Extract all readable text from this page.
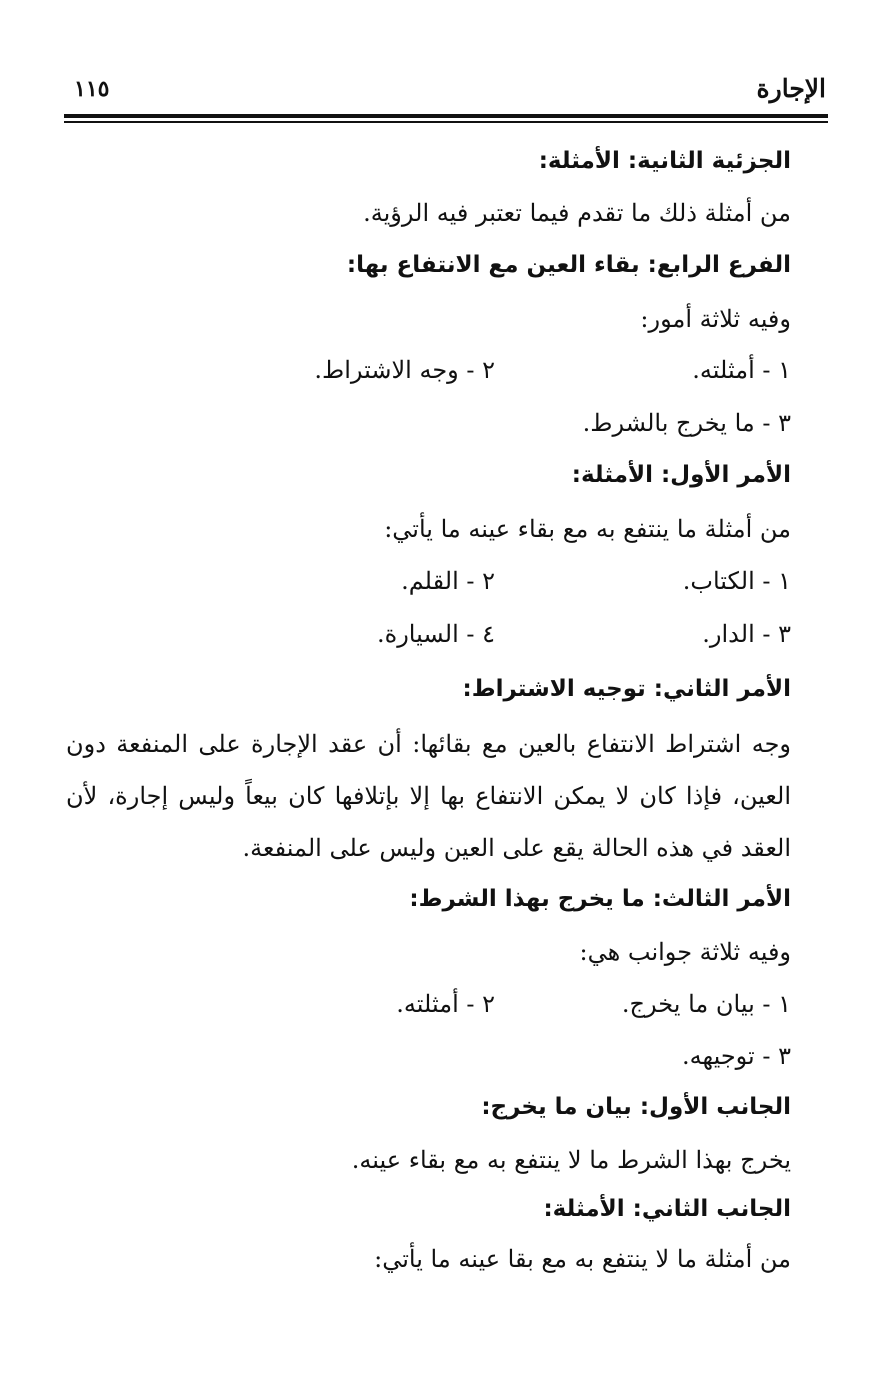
الإجارة
١١٥
الجزئية الثانية: الأمثلة:
من أمثلة ذلك ما تقدم فيما تعتبر فيه الرؤية.
الفرع الرابع: بقاء العين مع الانتفاع بها:
وفيه ثلاثة أمور:
١ - أمثلته.
٢ - وجه الاشتراط.
٣ - ما يخرج بالشرط.
الأمر الأول: الأمثلة:
من أمثلة ما ينتفع به مع بقاء عينه ما يأتي:
١ - الكتاب.
٢ - القلم.
٣ - الدار.
٤ - السيارة.
الأمر الثاني: توجيه الاشتراط:
وجه اشتراط الانتفاع بالعين مع بقائها: أن عقد الإجارة على المنفعة دون
العين، فإذا كان لا يمكن الانتفاع بها إلا بإتلافها كان بيعاً وليس إجارة، لأن
العقد في هذه الحالة يقع على العين وليس على المنفعة.
الأمر الثالث: ما يخرج بهذا الشرط:
وفيه ثلاثة جوانب هي:
١ - بيان ما يخرج.
٢ - أمثلته.
٣ - توجيهه.
الجانب الأول: بيان ما يخرج:
يخرج بهذا الشرط ما لا ينتفع به مع بقاء عينه.
الجانب الثاني: الأمثلة:
من أمثلة ما لا ينتفع به مع بقا عينه ما يأتي:
